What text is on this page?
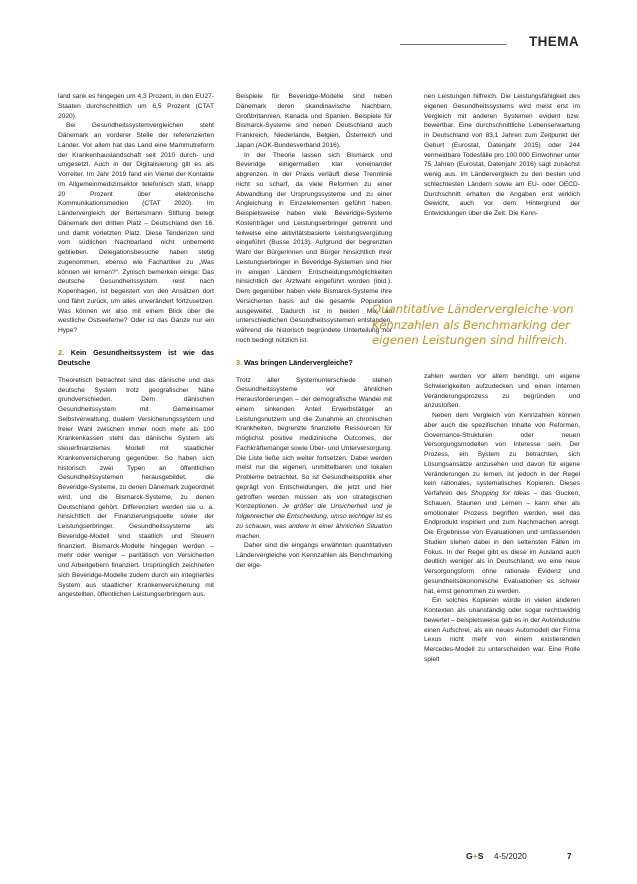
THEMA

land sank es hingegen um 4,3 Prozent, in den EU27-Staaten durchschnittlich um 6,5 Prozent (CTAT 2020).

Bei Gesundheitssystemvergleichen steht Dänemark an vorderer Stelle der referenzierten Länder. Vor allem hat das Land eine Mammutreform der Krankenhauslandschaft seit 2010 durch- und umgesetzt. Auch in der Digitalisierung gilt es als Vorreiter. Im Jahr 2019 fand ein Viertel der Kontakte im Allgemeinmedizinsektor telefonisch statt, knapp 20 Prozent über elektronische Kommunikationsmedien (CTAT 2020). Im Ländervergleich der Bertelsmann Stiftung belegt Dänemark den dritten Platz – Deutschland den 16. und damit vorletzten Platz. Diese Tendenzen sind vom südlichen Nachbarland nicht unbemerkt geblieben. Delegationsbesuche haben stetig zugenommen, ebenso wie Fachartikel zu „Was können wir lernen?“. Zynisch bemerken einige: Das deutsche Gesundheitssystem reist nach Kopenhagen, ist begeistert von den Ansätzen dort und fährt zurück, um alles unverändert fortzusetzen. Was können wir also mit einem Blick über die westliche Ostseeferne? Oder ist das Ganze nur ein Hype?

2. Kein Gesundheitssystem ist wie das Deutsche

Theoretisch betrachtet sind das dänische und das deutsche System trotz geografischer Nähe grundverschieden. Dem dänischen Gesundheitssystem mit Gemeinsamer Selbstverwaltung, dualem Versicherungssystem und freier Wahl zwischen immer noch mehr als 100 Krankenkassen steht das dänische System als steuerfinanziertes Modell mit staatlicher Krankenversicherung gegenüber. So haben sich historisch zwei Typen an öffentlichen Gesundheitssystemen herausgebildet, die Beveridge-Systeme, zu denen Dänemark zugeordnet wird, und die Bismarck-Systeme, zu denen Deutschland gehört. Differenziert werden sie u. a. hinsichtlich der Finanzierungsquelle sowie der Leistungserbringer. Gesundheitssysteme als Beveridge-Modell sind staatlich und Steuern finanziert. Bismarck-Modelle hingegen werden – mehr oder weniger – paritätisch von Versicherten und Arbeitgebern finanziert. Ursprünglich zeichneten sich Beveridge-Modelle zudem durch ein integriertes System aus staatlicher Krankenversicherung mit angestellten, öffentlichen Leistungserbringern aus.

Beispiele für Beveridge-Modelle sind neben Dänemark deren skandinavische Nachbarn, Großbritannien, Kanada und Spanien. Beispiele für Bismarck-Systeme sind neben Deutschland auch Frankreich, Niederlande, Belgien, Österreich und Japan (AOK-Bundesverband 2016).

In der Theorie lassen sich Bismarck und Beveridge einigermaßen klar voneinander abgrenzen. In der Praxis verläuft diese Trennlinie nicht so scharf, da viele Reformen zu einer Abwandlung der Ursprungssysteme und zu einer Angleichung in Einzelelementen geführt haben. Beispielsweise haben viele Beveridge-Systeme Kostenträger und Leistungserbringer getrennt und teilweise eine aktivitätsbasierte Leistungsvergütung eingeführt (Busse 2013). Aufgrund der begrenzten Wahl der Bürgerinnen und Bürger hinsichtlich ihrer Leistungserbringer in Beveridge-Systemen sind hier in einigen Ländern Entscheidungsmöglichkeiten hinsichtlich der Arztwahl eingeführt worden (ibid.). Dem gegenüber haben viele Bismarck-Systeme ihre Versicherten basis auf die gesamte Population ausgeweitet. Dadurch ist in beiden Mix an unterschiedlichen Gesundheitssystemen entstanden, während die historisch begründete Unterteilung nur noch bedingt nützlich ist.

3. Was bringen Ländervergleiche?

Trotz aller Systemunterschiede stehen Gesundheitssysteme vor ähnlichen Herausforderungen – der demografische Wandel mit einem sinkenden Anteil Erwerbstätiger an Leistungsnutzern und die Zunahme an chronischen Krankheiten, begrenzte finanzielle Ressourcen für möglichst positive medizinische Outcomes, der Fachkräftemangel sowie Über- und Unterversorgung. Die Liste ließe sich weiter fortsetzen. Dabei werden meist nur die eigenen, unmittelbaren und lokalen Probleme betrachtet. So ist Gesundheitspolitik eher geprägt von Entscheidungen, die jetzt und hier getroffen werden müssen als von strategischen Konzeptionen. Je größer die Unsicherheit und je folgenreicher die Entscheidung, umso wichtiger ist es zu schauen, was andere in einer ähnlichen Situation machen.

Daher sind die eingangs erwähnten quantitativen Ländervergleiche von Kennzahlen als Benchmarking der eige-

nen Leistungen hilfreich. Die Leistungsfähigkeit des eigenen Gesundheitssystems wird meist erst im Vergleich mit anderen Systemen evident bzw. bewertbar. Eine durchschnittliche Lebenserwartung in Deutschland von 83,1 Jahren zum Zeitpunkt der Geburt (Eurostat, Datenjahr 2015) oder 244 vermeidbare Todesfälle pro 100.000 Einwohner unter 75 Jahren (Eurostat, Datenjahr 2016) sagt zunächst wenig aus. Im Ländervergleich zu den besten und schlechtesten Ländern sowie am EU- oder OECD-Durchschnitt erhalten die Angaben erst wirklich Gewicht, auch vor dem Hintergrund der Entwicklungen über die Zeit. Die Kenn-

Quantitative Ländervergleiche von Kennzahlen als Benchmarking der eigenen Leistungen sind hilfreich.

zahlen werden vor allem benötigt, um eigene Schwierigkeiten aufzudecken und einen internen Veränderungsprozess zu begründen und anzustoßen.

Neben dem Vergleich von Kennzahlen können aber auch die spezifischen Inhalte von Reformen, Governance-Strukturen oder neuen Versorgungsmodellen von Interesse sein. Der Prozess, ein System zu betrachten, sich Lösungsansätze anzusehen und davon für eigene Veränderungen zu lernen, ist jedoch in der Regel kein rationales, systematisches Kopieren. Dieses Verfahren des Shopping for Ideas – das Gucken, Schauen, Staunen und Lernen – kann eher als emotionaler Prozess begriffen werden, weil das Endprodukt inspiriert und zum Nachmachen anregt. Die Ergebnisse von Evaluationen und umfassenden Studien stehen dabei in den seltensten Fällen im Fokus. In der Regel gibt es diese im Ausland auch deutlich weniger als in Deutschland, wo eine neue Versorgungsform ohne rationale Evidenz und gesundheitsökonomische Evaluationen es schwer hat, ernst genommen zu werden.

Ein solches Kopieren würde in vielen anderen Kontexten als unanständig oder sogar rechtswidrig bewertet – beispielsweise gab es in der Autoindustrie einen Aufschrei, als ein neues Automodell der Firma Lexus nicht mehr von einem existierenden Mercedes-Modell zu unterscheiden war. Eine Rolle spielt

G+S 4-5/2020	7
